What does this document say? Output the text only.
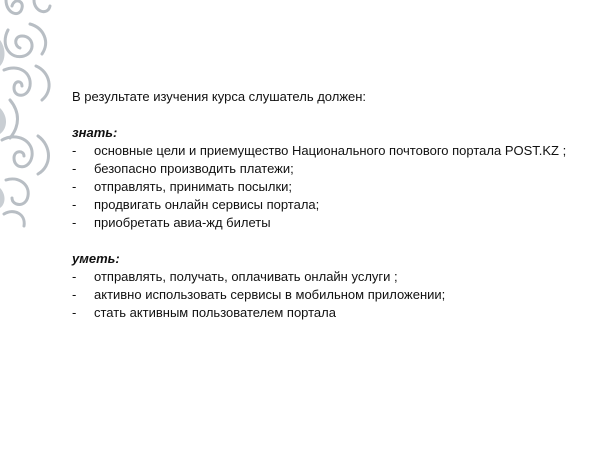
В результате изучения курса слушатель должен:

знать:

- основные цели и приемущество Национального почтового портала POST.KZ ;
- безопасно производить платежи;
- отправлять, принимать посылки;
- продвигать онлайн сервисы портала;
- приобретать авиа-жд билеты

уметь:

- отправлять, получать, оплачивать онлайн услуги ;
- активно использовать сервисы в мобильном приложении;
- стать активным пользователем портала
